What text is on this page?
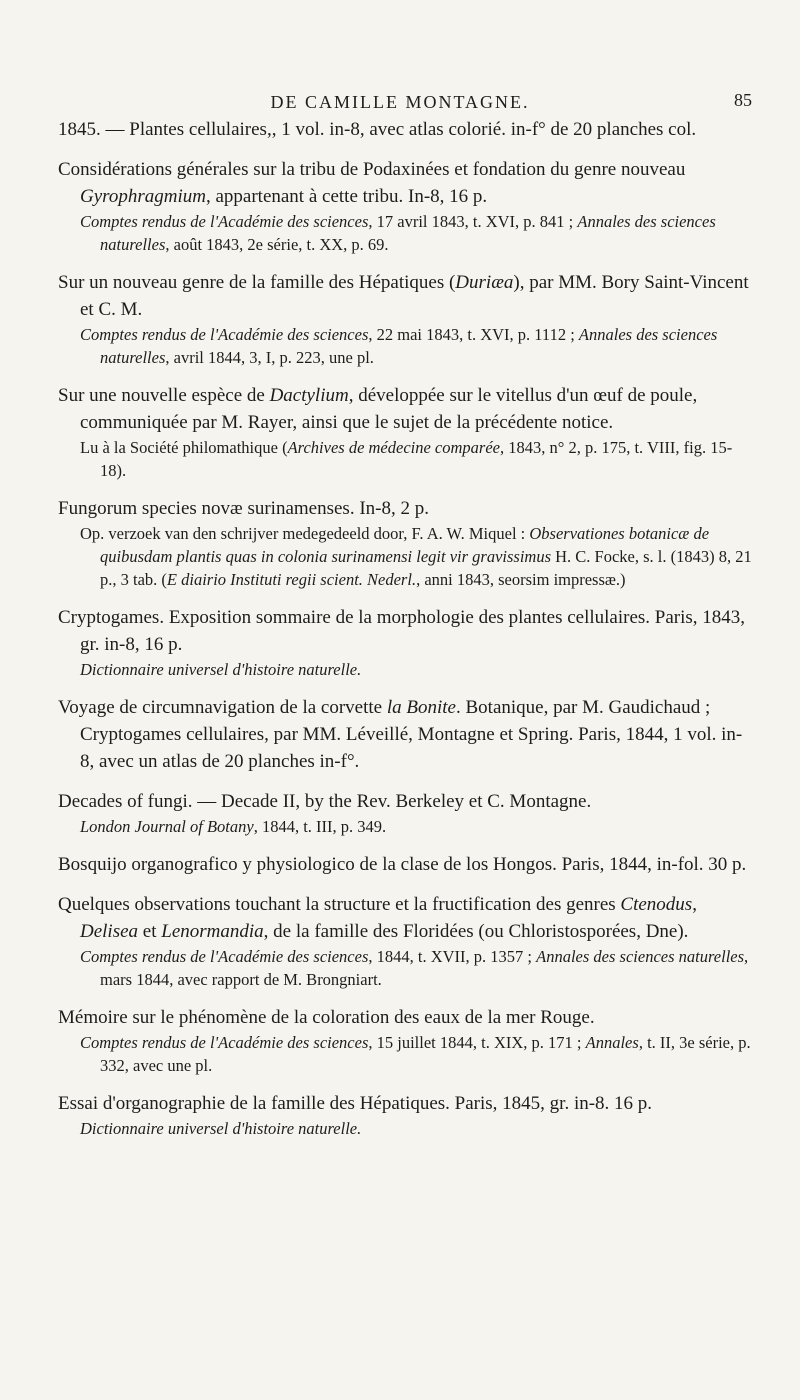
DE CAMILLE MONTAGNE.	85

1845. — Plantes cellulaires,, 1 vol. in-8, avec atlas colorié. in-f° de 20 planches col.

Considérations générales sur la tribu de Podaxinées et fondation du genre nouveau Gyrophragmium, appartenant à cette tribu. In-8, 16 p.

Comptes rendus de l'Académie des sciences, 17 avril 1843, t. XVI, p. 841 ; Annales des sciences naturelles, août 1843, 2e série, t. XX, p. 69.

Sur un nouveau genre de la famille des Hépatiques (Duriæa), par MM. Bory Saint-Vincent et C. M.

Comptes rendus de l'Académie des sciences, 22 mai 1843, t. XVI, p. 1112 ; Annales des sciences naturelles, avril 1844, 3, I, p. 223, une pl.

Sur une nouvelle espèce de Dactylium, développée sur le vitellus d'un œuf de poule, communiquée par M. Rayer, ainsi que le sujet de la précédente notice.

Lu à la Société philomathique (Archives de médecine comparée, 1843, n° 2, p. 175, t. VIII, fig. 15-18).

Fungorum species novæ surinamenses. In-8, 2 p.

Op. verzoek van den schrijver medegedeeld door, F. A. W. Miquel : Observationes botanicæ de quibusdam plantis quas in colonia surinamensi legit vir gravissimus H. C. Focke, s. l. (1843) 8, 21 p., 3 tab. (E diairio Instituti regii scient. Nederl., anni 1843, seorsim impressæ.)

Cryptogames. Exposition sommaire de la morphologie des plantes cellulaires. Paris, 1843, gr. in-8, 16 p.

Dictionnaire universel d'histoire naturelle.

Voyage de circumnavigation de la corvette la Bonite. Botanique, par M. Gaudichaud ; Cryptogames cellulaires, par MM. Léveillé, Montagne et Spring. Paris, 1844, 1 vol. in-8, avec un atlas de 20 planches in-f°.

Decades of fungi. — Decade II, by the Rev. Berkeley et C. Montagne.

London Journal of Botany, 1844, t. III, p. 349.

Bosquijo organografico y physiologico de la clase de los Hongos. Paris, 1844, in-fol. 30 p.

Quelques observations touchant la structure et la fructification des genres Ctenodus, Delisea et Lenormandia, de la famille des Floridées (ou Chloristosporées, Dne).

Comptes rendus de l'Académie des sciences, 1844, t. XVII, p. 1357 ; Annales des sciences naturelles, mars 1844, avec rapport de M. Brongniart.

Mémoire sur le phénomène de la coloration des eaux de la mer Rouge.

Comptes rendus de l'Académie des sciences, 15 juillet 1844, t. XIX, p. 171 ; Annales, t. II, 3e série, p. 332, avec une pl.

Essai d'organographie de la famille des Hépatiques. Paris, 1845, gr. in-8. 16 p.

Dictionnaire universel d'histoire naturelle.
